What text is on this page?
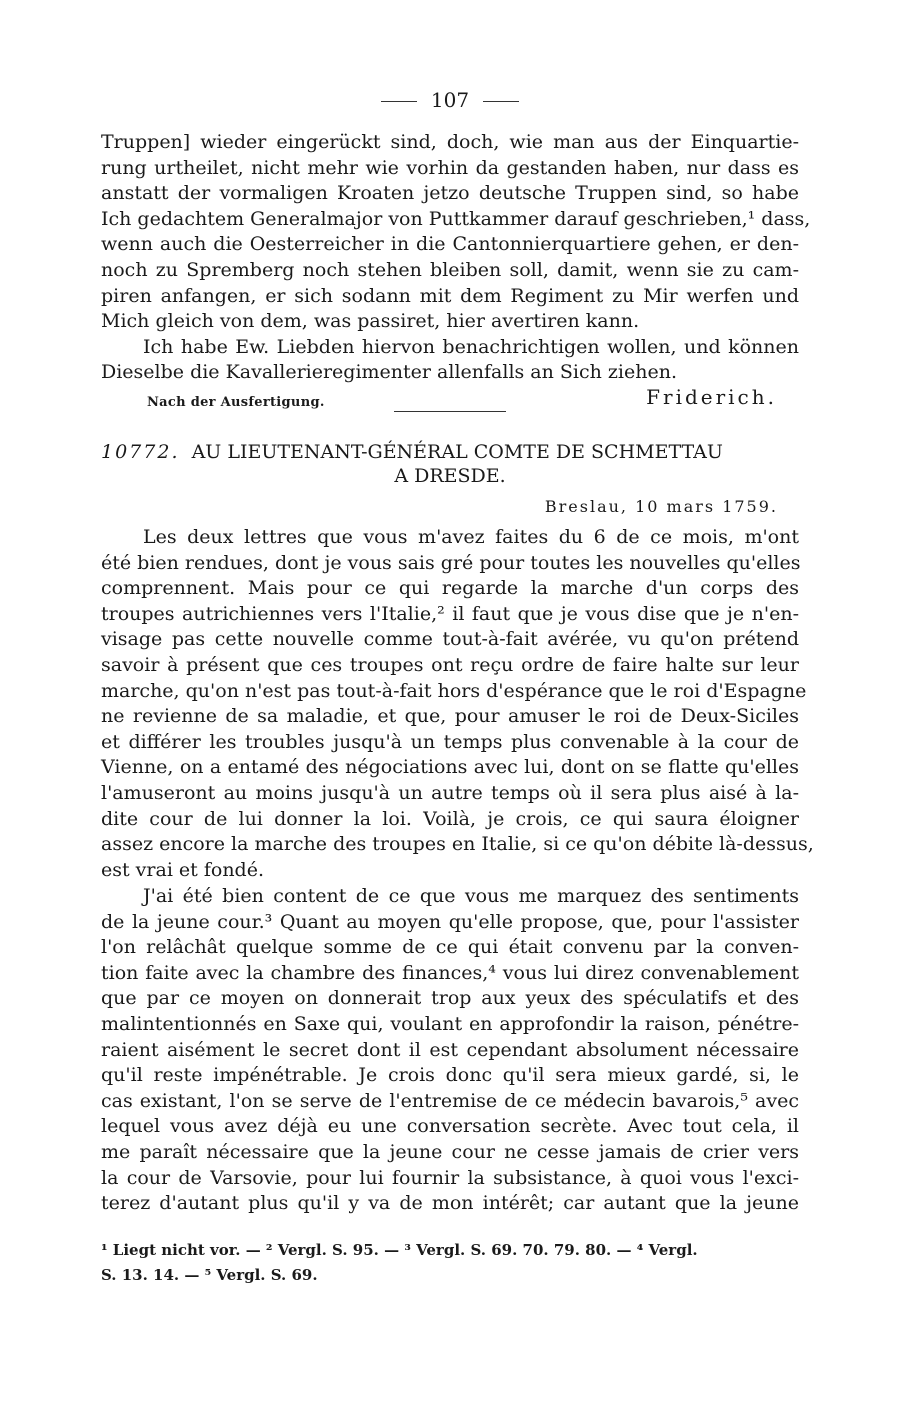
107
Truppen] wieder eingerückt sind, doch, wie man aus der Einquartie-
rung urtheilet, nicht mehr wie vorhin da gestanden haben, nur dass es
anstatt der vormaligen Kroaten jetzo deutsche Truppen sind, so habe
Ich gedachtem Generalmajor von Puttkammer darauf geschrieben,¹ dass,
wenn auch die Oesterreicher in die Cantonnierquartiere gehen, er den-
noch zu Spremberg noch stehen bleiben soll, damit, wenn sie zu cam-
piren anfangen, er sich sodann mit dem Regiment zu Mir werfen und
Mich gleich von dem, was passiret, hier avertiren kann.
Ich habe Ew. Liebden hiervon benachrichtigen wollen, und können
Dieselbe die Kavallerieregimenter allenfalls an Sich ziehen.
Nach der Ausfertigung.	Friderich.
10772. AU LIEUTENANT-GÉNÉRAL COMTE DE SCHMETTAU
A DRESDE.
Breslau, 10 mars 1759.
Les deux lettres que vous m'avez faites du 6 de ce mois, m'ont
été bien rendues, dont je vous sais gré pour toutes les nouvelles qu'elles
comprennent. Mais pour ce qui regarde la marche d'un corps des
troupes autrichiennes vers l'Italie,² il faut que je vous dise que je n'en-
visage pas cette nouvelle comme tout-à-fait avérée, vu qu'on prétend
savoir à présent que ces troupes ont reçu ordre de faire halte sur leur
marche, qu'on n'est pas tout-à-fait hors d'espérance que le roi d'Espagne
ne revienne de sa maladie, et que, pour amuser le roi de Deux-Siciles
et différer les troubles jusqu'à un temps plus convenable à la cour de
Vienne, on a entamé des négociations avec lui, dont on se flatte qu'elles
l'amuseront au moins jusqu'à un autre temps où il sera plus aisé à la-
dite cour de lui donner la loi. Voilà, je crois, ce qui saura éloigner
assez encore la marche des troupes en Italie, si ce qu'on débite là-dessus,
est vrai et fondé.
J'ai été bien content de ce que vous me marquez des sentiments
de la jeune cour.³ Quant au moyen qu'elle propose, que, pour l'assister
l'on relâchât quelque somme de ce qui était convenu par la conven-
tion faite avec la chambre des finances,⁴ vous lui direz convenablement
que par ce moyen on donnerait trop aux yeux des spéculatifs et des
malintentionnés en Saxe qui, voulant en approfondir la raison, pénétre-
raient aisément le secret dont il est cependant absolument nécessaire
qu'il reste impénétrable. Je crois donc qu'il sera mieux gardé, si, le
cas existant, l'on se serve de l'entremise de ce médecin bavarois,⁵ avec
lequel vous avez déjà eu une conversation secrète. Avec tout cela, il
me paraît nécessaire que la jeune cour ne cesse jamais de crier vers
la cour de Varsovie, pour lui fournir la subsistance, à quoi vous l'exci-
terez d'autant plus qu'il y va de mon intérêt; car autant que la jeune
¹ Liegt nicht vor. — ² Vergl. S. 95. — ³ Vergl. S. 69. 70. 79. 80. — ⁴ Vergl.
S. 13. 14. — ⁵ Vergl. S. 69.
